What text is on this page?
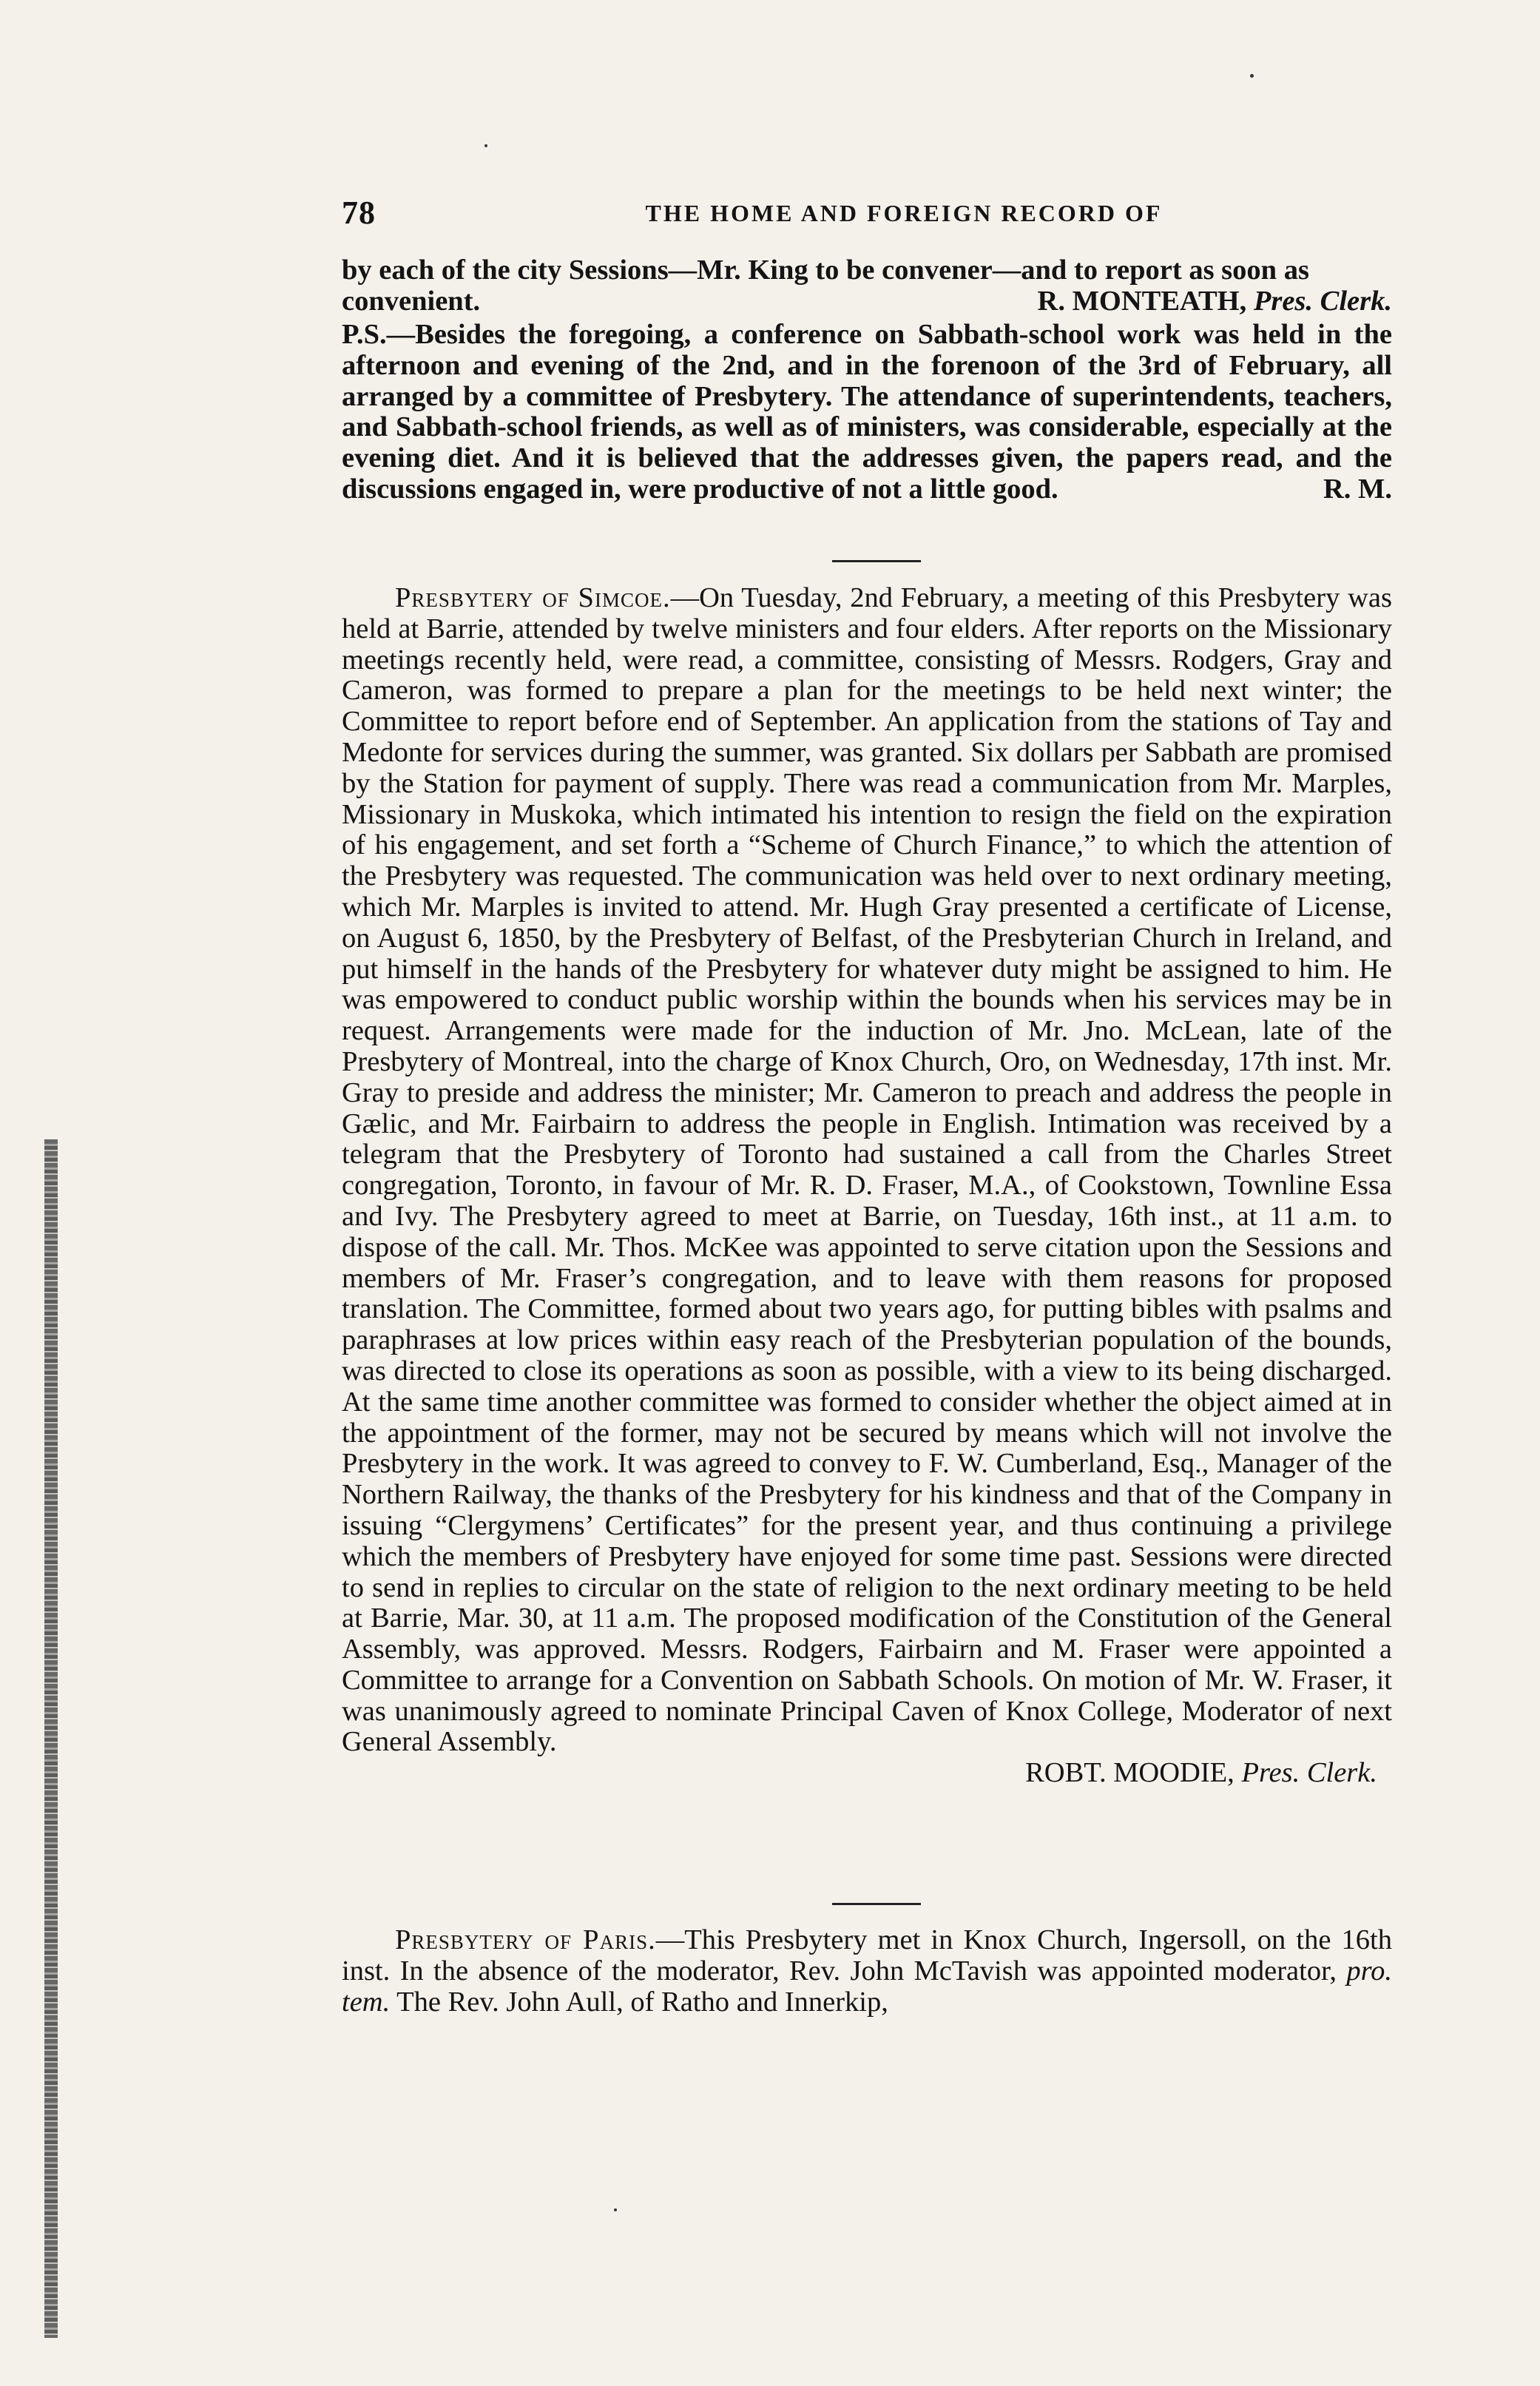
78	THE HOME AND FOREIGN RECORD OF

by each of the city Sessions—Mr. King to be convener—and to report as soon as convenient.	R. MONTEATH, Pres. Clerk.

P.S.—Besides the foregoing, a conference on Sabbath-school work was held in the afternoon and evening of the 2nd, and in the forenoon of the 3rd of February, all arranged by a committee of Presbytery. The attendance of superintendents, teachers, and Sabbath-school friends, as well as of ministers, was considerable, especially at the evening diet. And it is believed that the addresses given, the papers read, and the discussions engaged in, were productive of not a little good.	R. M.

Presbytery of Simcoe.—On Tuesday, 2nd February, a meeting of this Presbytery was held at Barrie, attended by twelve ministers and four elders. After reports on the Missionary meetings recently held, were read, a committee, consisting of Messrs. Rodgers, Gray and Cameron, was formed to prepare a plan for the meetings to be held next winter; the Committee to report before end of September. An application from the stations of Tay and Medonte for services during the summer, was granted. Six dollars per Sabbath are promised by the Station for payment of supply. There was read a communication from Mr. Marples, Missionary in Muskoka, which intimated his intention to resign the field on the expiration of his engagement, and set forth a “Scheme of Church Finance,” to which the attention of the Presbytery was requested. The communication was held over to next ordinary meeting, which Mr. Marples is invited to attend. Mr. Hugh Gray presented a certificate of License, on August 6, 1850, by the Presbytery of Belfast, of the Presbyterian Church in Ireland, and put himself in the hands of the Presbytery for whatever duty might be assigned to him. He was empowered to conduct public worship within the bounds when his services may be in request. Arrangements were made for the induction of Mr. Jno. McLean, late of the Presbytery of Montreal, into the charge of Knox Church, Oro, on Wednesday, 17th inst. Mr. Gray to preside and address the minister; Mr. Cameron to preach and address the people in Gælic, and Mr. Fairbairn to address the people in English. Intimation was received by a telegram that the Presbytery of Toronto had sustained a call from the Charles Street congregation, Toronto, in favour of Mr. R. D. Fraser, M.A., of Cookstown, Townline Essa and Ivy. The Presbytery agreed to meet at Barrie, on Tuesday, 16th inst., at 11 a.m. to dispose of the call. Mr. Thos. McKee was appointed to serve citation upon the Sessions and members of Mr. Fraser’s congregation, and to leave with them reasons for proposed translation. The Committee, formed about two years ago, for putting bibles with psalms and paraphrases at low prices within easy reach of the Presbyterian population of the bounds, was directed to close its operations as soon as possible, with a view to its being discharged. At the same time another committee was formed to consider whether the object aimed at in the appointment of the former, may not be secured by means which will not involve the Presbytery in the work. It was agreed to convey to F. W. Cumberland, Esq., Manager of the Northern Railway, the thanks of the Presbytery for his kindness and that of the Company in issuing “Clergymens’ Certificates” for the present year, and thus continuing a privilege which the members of Presbytery have enjoyed for some time past. Sessions were directed to send in replies to circular on the state of religion to the next ordinary meeting to be held at Barrie, Mar. 30, at 11 a.m. The proposed modification of the Constitution of the General Assembly, was approved. Messrs. Rodgers, Fairbairn and M. Fraser were appointed a Committee to arrange for a Convention on Sabbath Schools. On motion of Mr. W. Fraser, it was unanimously agreed to nominate Principal Caven of Knox College, Moderator of next General Assembly.

ROBT. MOODIE, Pres. Clerk.

Presbytery of Paris.—This Presbytery met in Knox Church, Ingersoll, on the 16th inst. In the absence of the moderator, Rev. John McTavish was appointed moderator, pro. tem. The Rev. John Aull, of Ratho and Innerkip,
